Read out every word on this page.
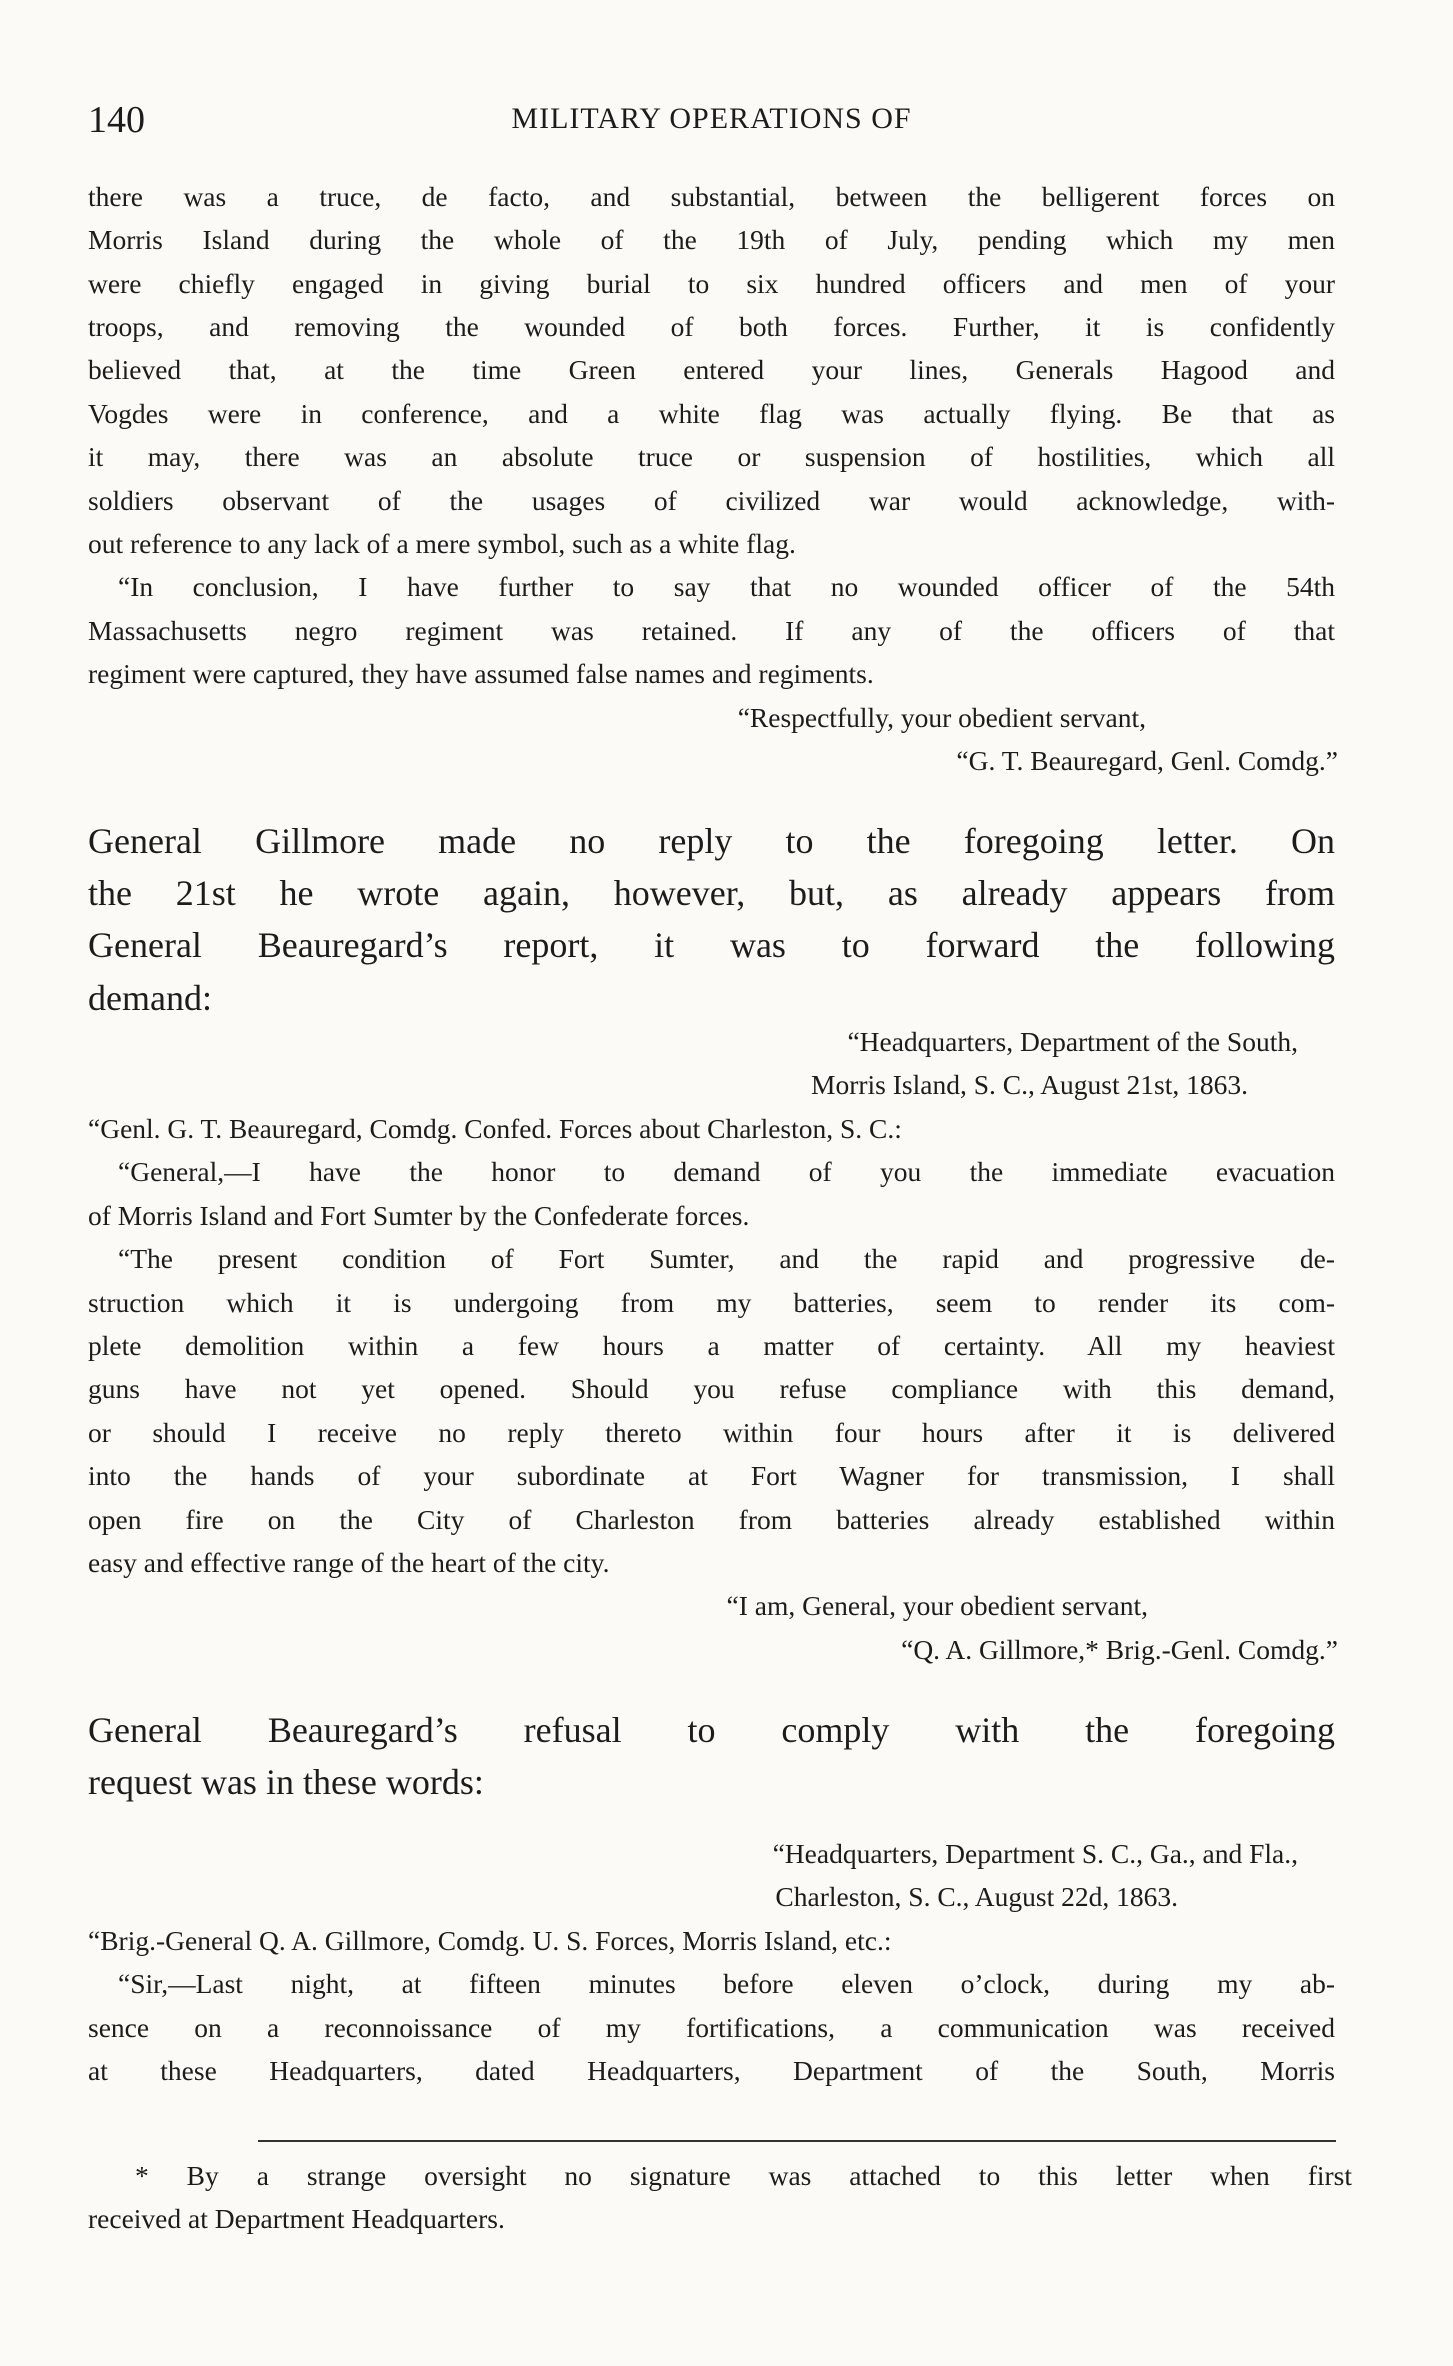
140	MILITARY OPERATIONS OF
there was a truce, de facto, and substantial, between the belligerent forces on
Morris Island during the whole of the 19th of July, pending which my men
were chiefly engaged in giving burial to six hundred officers and men of your
troops, and removing the wounded of both forces. Further, it is confidently
believed that, at the time Green entered your lines, Generals Hagood and
Vogdes were in conference, and a white flag was actually flying. Be that as
it may, there was an absolute truce or suspension of hostilities, which all
soldiers observant of the usages of civilized war would acknowledge, with-
out reference to any lack of a mere symbol, such as a white flag.
“In conclusion, I have further to say that no wounded officer of the 54th
Massachusetts negro regiment was retained. If any of the officers of that
regiment were captured, they have assumed false names and regiments.
“Respectfully, your obedient servant,
“G. T. Beauregard, Genl. Comdg.”
General Gillmore made no reply to the foregoing letter. On
the 21st he wrote again, however, but, as already appears from
General Beauregard’s report, it was to forward the following
demand:
“Headquarters, Department of the South,
Morris Island, S. C., August 21st, 1863.
“Genl. G. T. Beauregard, Comdg. Confed. Forces about Charleston, S. C.:
“General,—I have the honor to demand of you the immediate evacuation
of Morris Island and Fort Sumter by the Confederate forces.
“The present condition of Fort Sumter, and the rapid and progressive de-
struction which it is undergoing from my batteries, seem to render its com-
plete demolition within a few hours a matter of certainty. All my heaviest
guns have not yet opened. Should you refuse compliance with this demand,
or should I receive no reply thereto within four hours after it is delivered
into the hands of your subordinate at Fort Wagner for transmission, I shall
open fire on the City of Charleston from batteries already established within
easy and effective range of the heart of the city.
“I am, General, your obedient servant,
“Q. A. Gillmore,* Brig.-Genl. Comdg.”
General Beauregard’s refusal to comply with the foregoing
request was in these words:
“Headquarters, Department S. C., Ga., and Fla.,
Charleston, S. C., August 22d, 1863.
“Brig.-General Q. A. Gillmore, Comdg. U. S. Forces, Morris Island, etc.:
“Sir,—Last night, at fifteen minutes before eleven o’clock, during my ab-
sence on a reconnoissance of my fortifications, a communication was received
at these Headquarters, dated Headquarters, Department of the South, Morris
* By a strange oversight no signature was attached to this letter when first
received at Department Headquarters.
